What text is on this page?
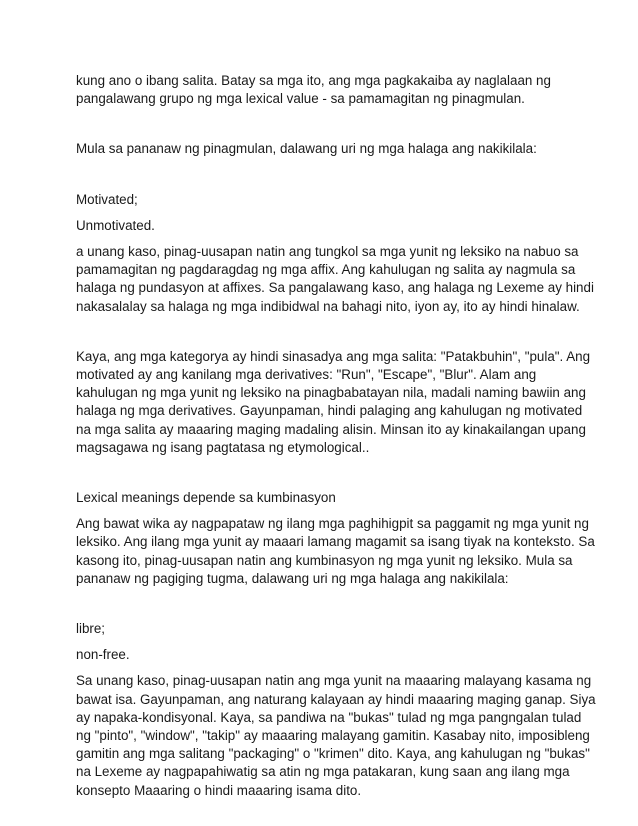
kung ano o ibang salita. Batay sa mga ito, ang mga pagkakaiba ay naglalaan ng
pangalawang grupo ng mga lexical value - sa pamamagitan ng pinagmulan.
Mula sa pananaw ng pinagmulan, dalawang uri ng mga halaga ang nakikilala:
Motivated;
Unmotivated.
a unang kaso, pinag-uusapan natin ang tungkol sa mga yunit ng leksiko na nabuo sa
pamamagitan ng pagdaragdag ng mga affix. Ang kahulugan ng salita ay nagmula sa
halaga ng pundasyon at affixes. Sa pangalawang kaso, ang halaga ng Lexeme ay hindi
nakasalalay sa halaga ng mga indibidwal na bahagi nito, iyon ay, ito ay hindi hinalaw.
Kaya, ang mga kategorya ay hindi sinasadya ang mga salita: "Patakbuhin", "pula". Ang
motivated ay ang kanilang mga derivatives: "Run", "Escape", "Blur". Alam ang
kahulugan ng mga yunit ng leksiko na pinagbabatayan nila, madali naming bawiin ang
halaga ng mga derivatives. Gayunpaman, hindi palaging ang kahulugan ng motivated
na mga salita ay maaaring maging madaling alisin. Minsan ito ay kinakailangan upang
magsagawa ng isang pagtatasa ng etymological..
Lexical meanings depende sa kumbinasyon
Ang bawat wika ay nagpapataw ng ilang mga paghihigpit sa paggamit ng mga yunit ng
leksiko. Ang ilang mga yunit ay maaari lamang magamit sa isang tiyak na konteksto. Sa
kasong ito, pinag-uusapan natin ang kumbinasyon ng mga yunit ng leksiko. Mula sa
pananaw ng pagiging tugma, dalawang uri ng mga halaga ang nakikilala:
libre;
non-free.
Sa unang kaso, pinag-uusapan natin ang mga yunit na maaaring malayang kasama ng
bawat isa. Gayunpaman, ang naturang kalayaan ay hindi maaaring maging ganap. Siya
ay napaka-kondisyonal. Kaya, sa pandiwa na "bukas" tulad ng mga pangngalan tulad
ng "pinto", "window", "takip" ay maaaring malayang gamitin. Kasabay nito, imposibleng
gamitin ang mga salitang "packaging" o "krimen" dito. Kaya, ang kahulugan ng "bukas"
na Lexeme ay nagpapahiwatig sa atin ng mga patakaran, kung saan ang ilang mga
konsepto Maaaring o hindi maaaring isama dito.
